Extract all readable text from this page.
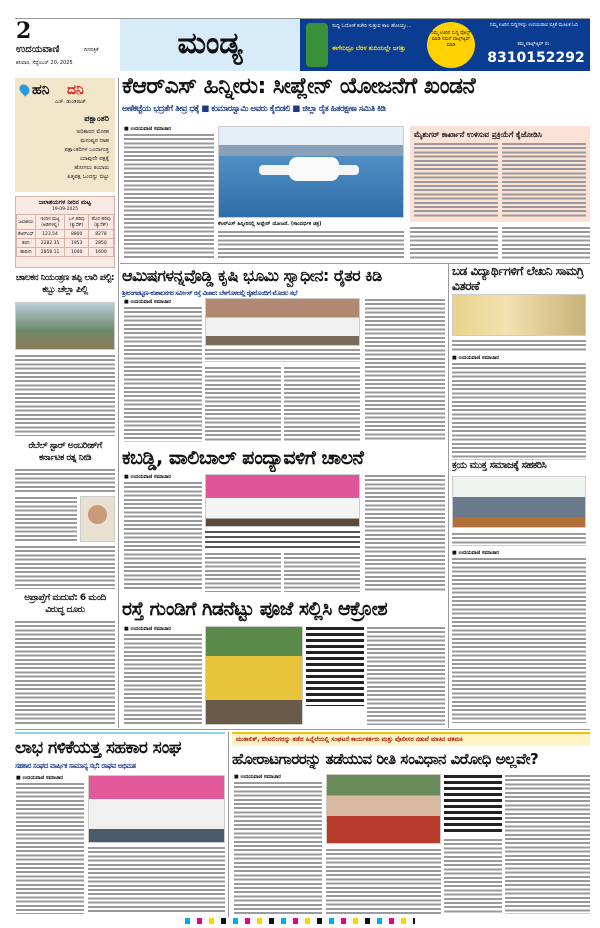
2
ಉದಯವಾಣಿ	ದಿನಪತ್ರಿಕೆ
ಶನಿವಾರ, ಸೆಪ್ಟೆಂಬರ್ 20, 2025
ಮಂಡ್ಯ	ಸುದ್ದಿ ಓದೋಕೆ ಕಚೇರಿ ಸುತ್ತುವ ಕಾಲ ಹೋಯ್ತು...
ಈಗೇನಿದ್ರೂ ಬೆರಳ ತುದಿಯಲ್ಲೇ ಜಗತ್ತು
ನಿಮ್ಮ ಊರಿನ ಸುದ್ದಿ ಪೋಸ್ಟ್ ಮಾಡಿ ನಮಗೆ ವಾಟ್ಸ್‌ಆ್ಯಪ್ ಮಾಡಿ
ನಿಮ್ಮ ಊರಿನ ಸುದ್ದಿಗಳನ್ನು ಉದಯವಾಣಿ ಪತ್ರಿಕೆ ಮೂಲಕ ಓದಿ
ತಮ್ಮ ವಾಟ್ಸ್‌ಆ್ಯಪ್ ನಂ.
8310152292
ಹನಿ ದನಿ
ಎಚ್. ಡುಂಡಿರಾಜ್
ಪಕ್ಷಾಂತರಿ
ಅಧಿಕಾರದ ಮೋಹ
ಮನುಷ್ಯನ ದಾಹ
ಪಕ್ಷಾಂತರಿಗಳ ಒಂದಾಗುತ್ತ
ಯಾವುದೇ ಪಕ್ಷಕ್ಕೆ
ಹೋಗಲು ತಯಾರು
ಪಿತೃಪಕ್ಷ ಒಂದನ್ನು ಬಿಟ್ಟು
ಜಲಾಶಯಗಳ ನೀರಿನ ಮಟ್ಟ
19-09-2025
ಜಲಾಶಯ	ಇಂದಿನ ಮಟ್ಟ (ಅಡಿಗಳಲ್ಲಿ)	ಒಳ ಹರಿವು (ಕ್ಯುಸೆಕ್)	ಹೊರ ಹರಿವು (ಕ್ಯುಸೆಕ್)
ಕೆಆರ್‌ಎಸ್	123.54	8800	8278
ಕಬಿನಿ	2282.35	1953	2850
ಹಾರಂಗಿ	2858.11	1040	1600
ಚಾಲಕನ ನಿಯಂತ್ರಣ ತಪ್ಪಿ ಲಾರಿ ಪಲ್ಟಿ: ಕಬ್ಬು ಚೆಲ್ಲಾ ಪಿಲ್ಲಿ
ರೆಬೆಲ್ ಸ್ಟಾರ್ ಅಂಬರೀಶ್‌ಗೆ ಕರ್ನಾಟಕ ರತ್ನ ನೀಡಿ
ಅಪ್ರಾಪ್ತೆಗೆ ಮದುವೆ: 6 ಮಂದಿ ವಿರುದ್ಧ ದೂರು
ಕೆಆರ್‌ಎಸ್ ಹಿನ್ನೀರು: ಸೀಪ್ಲೇನ್ ಯೋಜನೆಗೆ ಖಂಡನೆ
ಅಣೆಕಟ್ಟೆಯ ಭದ್ರತೆಗೆ ತೀವ್ರ ಧಕ್ಕೆ ■ ಕುಮಾರಸ್ವಾಮಿ ಅವರು ಕೈಬಿಡಲಿ ■ ಜಿಲ್ಲಾ ರೈತ ಹಿತರಕ್ಷಣಾ ಸಮಿತಿ ಕಿಡಿ
■ ಉದಯವಾಣಿ ಸಮಾಚಾರ
ಕೆಆರ್‌ಎಸ್ ಹಿನ್ನೀರಿನಲ್ಲಿ ಸೀಪ್ಲೇನ್ ಯೋಜನೆ. (ಸಾಂದರ್ಭಿಕ ಚಿತ್ರ)
ಮೈಶುಗರ್ ಕಾರ್ಖಾನೆ ಉಳಿಸುವ ಪ್ರಕ್ರಿಯೆಗೆ ಕೈಜೋಡಿಸಿ
ಆಮಿಷಗಳನ್ನವೊಡ್ಡಿ ಕೃಷಿ ಭೂಮಿ ಸ್ವಾಧೀನ: ರೈತರ ಕಿಡಿ
ಶ್ರೀರಂಗಪಟ್ಟಣ–ಕುಶಾಲನಗರ ಸರ್ವೀಸ್ ರಸ್ತೆ ವಿಚಾರ: ಬೆಳಗೊಳದಲ್ಲಿ ರೈತರೊಂದಿಗೆ ಮೊದಲ ಸಭೆ
■ ಉದಯವಾಣಿ ಸಮಾಚಾರ
ಬಡ ವಿದ್ಯಾರ್ಥಿಗಳಿಗೆ ಲೇಖನಿ ಸಾಮಗ್ರಿ ವಿತರಣೆ
■ ಉದಯವಾಣಿ ಸಮಾಚಾರ
ಕ್ರಯ ಮುಕ್ತ ಸಮಾಜಕ್ಕೆ ಸಹಕರಿಸಿ
■ ಉದಯವಾಣಿ ಸಮಾಚಾರ
ಕಬಡ್ಡಿ, ವಾಲಿಬಾಲ್ ಪಂದ್ಯಾವಳಿಗೆ ಚಾಲನೆ
■ ಉದಯವಾಣಿ ಸಮಾಚಾರ
ರಸ್ತೆ ಗುಂಡಿಗೆ ಗಿಡನೆಟ್ಟು ಪೂಜೆ ಸಲ್ಲಿಸಿ ಆಕ್ರೋಶ
■ ಉದಯವಾಣಿ ಸಮಾಚಾರ
ಲಾಭ ಗಳಿಕೆಯತ್ತ ಸಹಕಾರ ಸಂಘ
ಸಹಕಾರ ಸಂಘದ ವಾರ್ಷಿಕ ಸಾಮಾನ್ಯ ಸಭೆ: ರಾಘವ ಅಭಿಮತ
■ ಉದಯವಾಣಿ ಸಮಾಚಾರ
ಮುತಾಲಿಕ್, ದೇವಲಿಂಗರನ್ನು ತಡೆದ ಹಿನ್ನೆಲೆಯಲ್ಲಿ ಸಂಘಟನೆ ಕಾರ್ಯಕರ್ತರು ಮತ್ತು ಪೊಲೀಸರ ನಡುವೆ ಮಾತಿನ ಚಕಮಕಿ
ಹೋರಾಟಗಾರರನ್ನು ತಡೆಯುವ ರೀತಿ ಸಂವಿಧಾನ ವಿರೋಧಿ ಅಲ್ಲವೇ?
■ ಉದಯವಾಣಿ ಸಮಾಚಾರ
